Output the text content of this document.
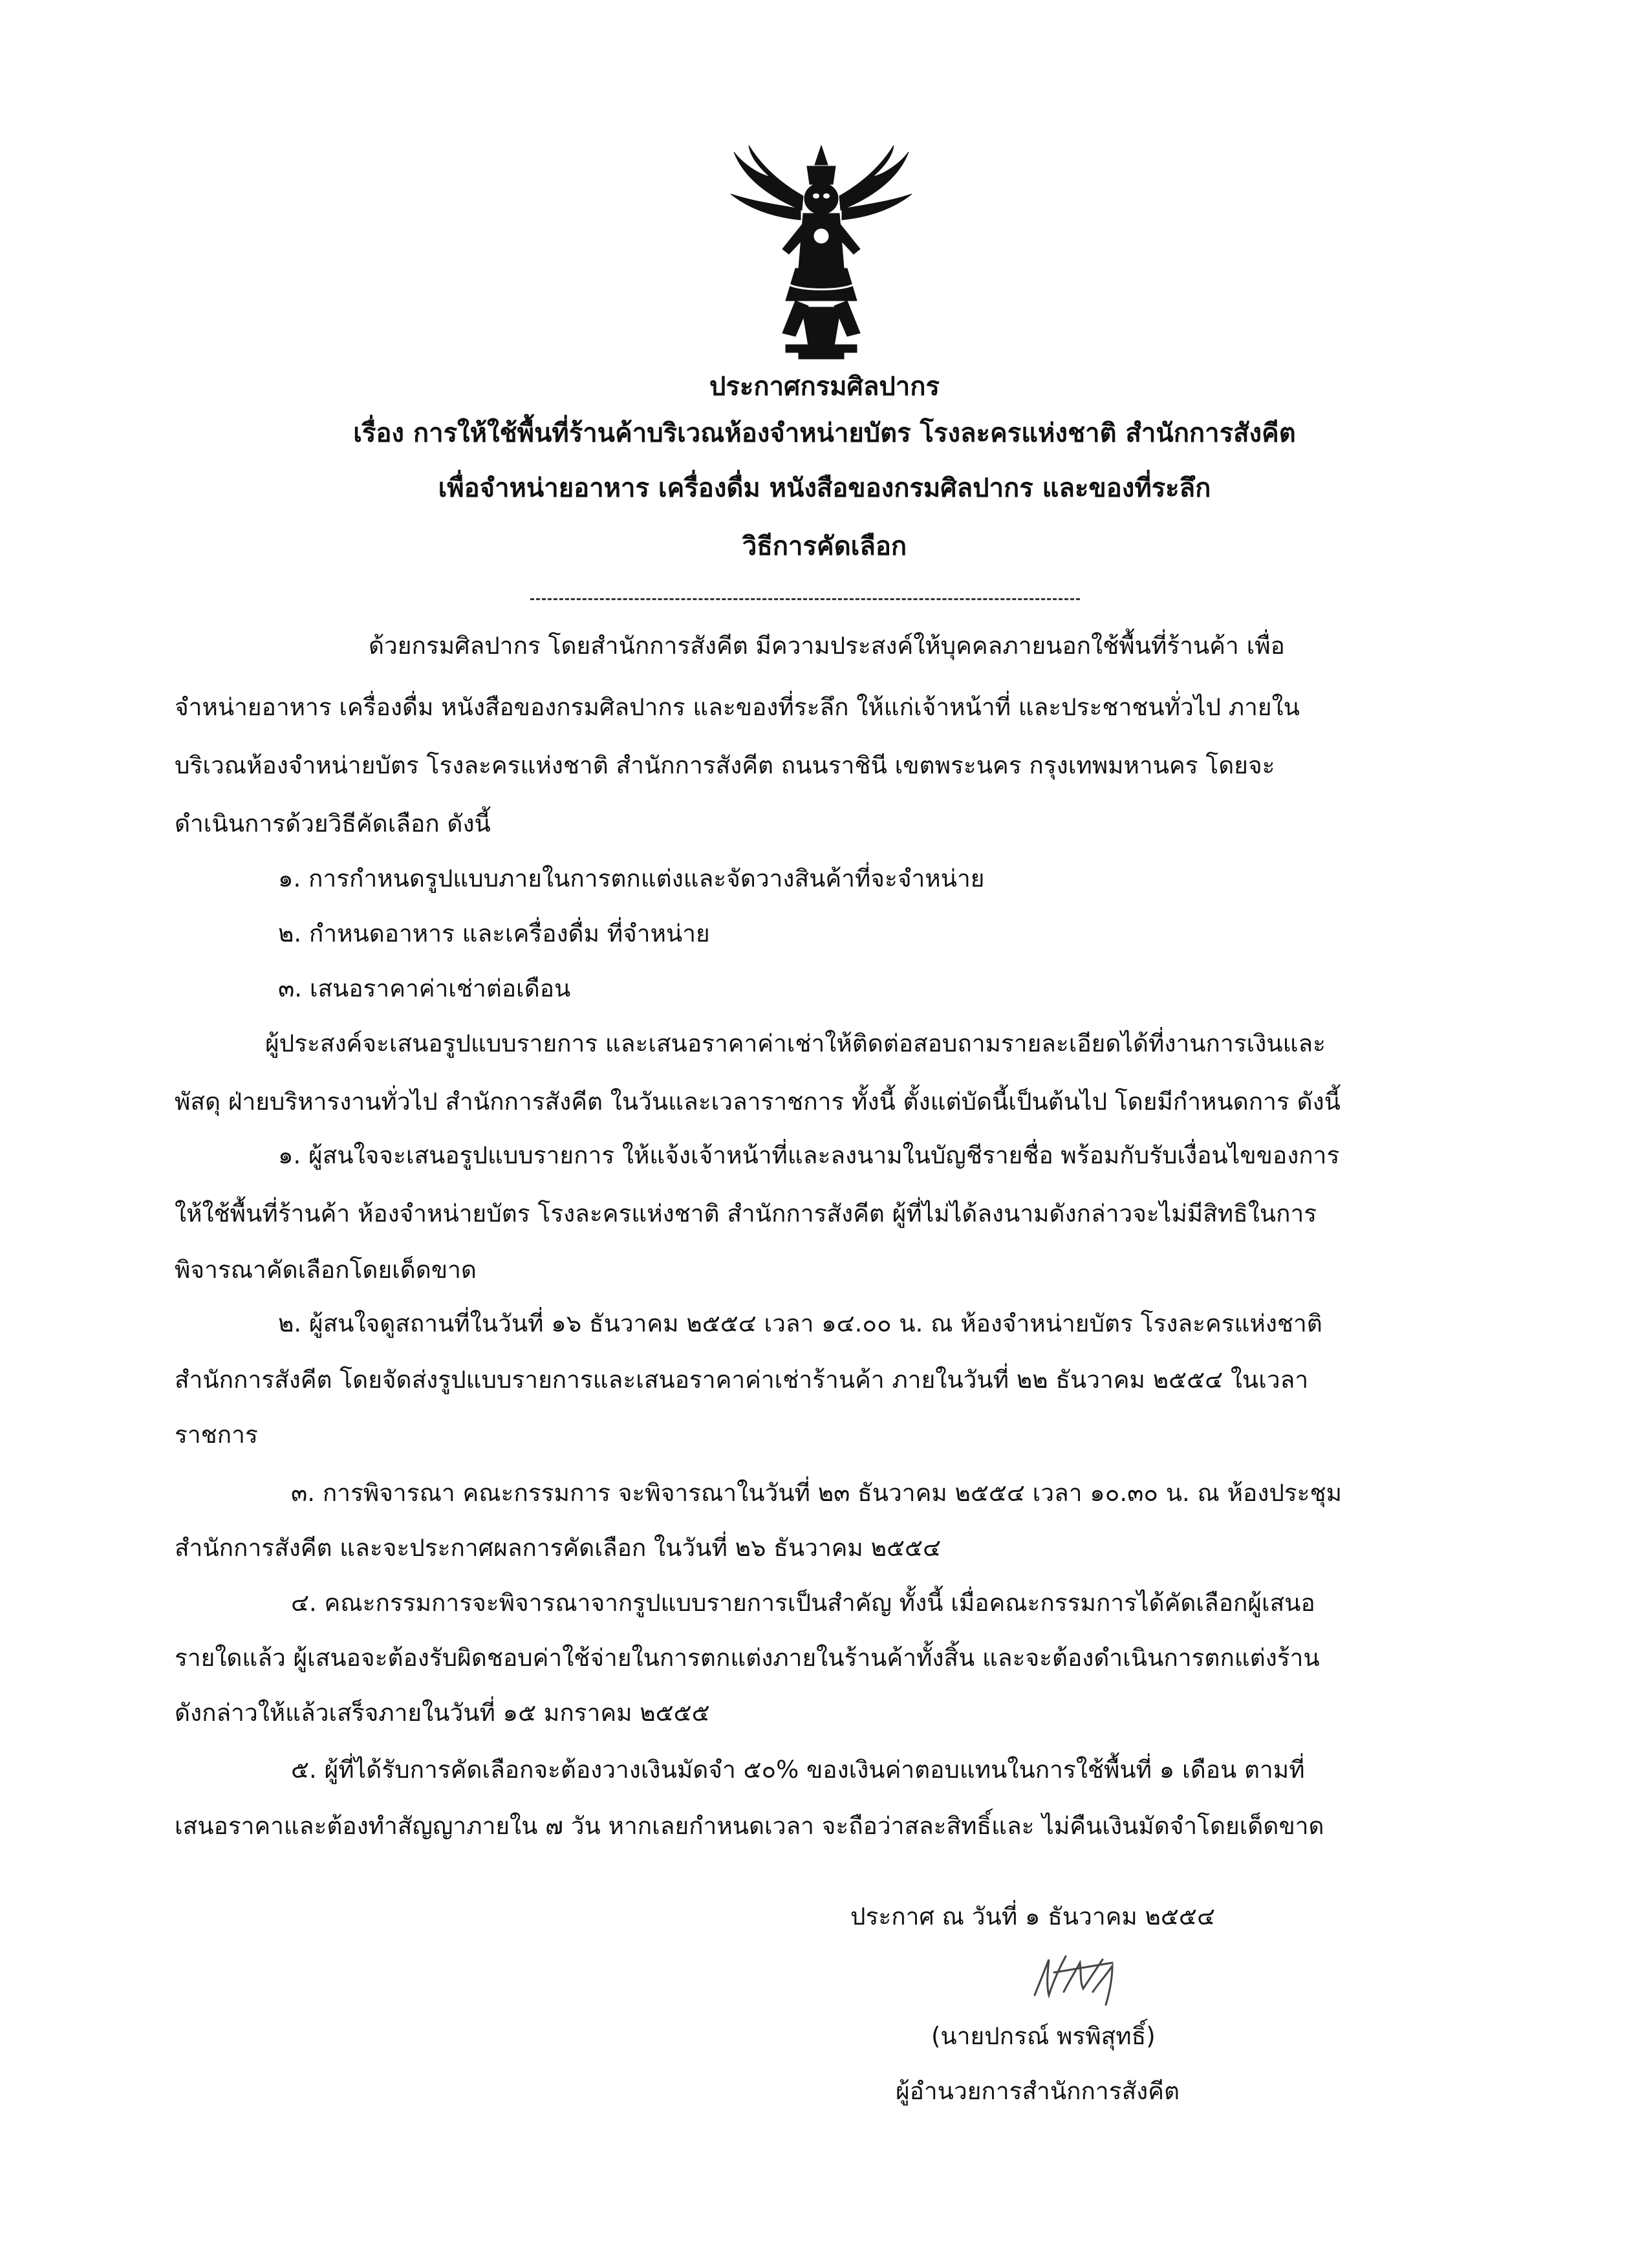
ประกาศกรมศิลปากร
เรื่อง การให้ใช้พื้นที่ร้านค้าบริเวณห้องจำหน่ายบัตร โรงละครแห่งชาติ สำนักการสังคีต
เพื่อจำหน่ายอาหาร เครื่องดื่ม หนังสือของกรมศิลปากร และของที่ระลึก
วิธีการคัดเลือก
ด้วยกรมศิลปากร โดยสำนักการสังคีต มีความประสงค์ให้บุคคลภายนอกใช้พื้นที่ร้านค้า เพื่อ
จำหน่ายอาหาร เครื่องดื่ม หนังสือของกรมศิลปากร และของที่ระลึก ให้แก่เจ้าหน้าที่ และประชาชนทั่วไป ภายใน
บริเวณห้องจำหน่ายบัตร โรงละครแห่งชาติ สำนักการสังคีต ถนนราชินี เขตพระนคร กรุงเทพมหานคร โดยจะ
ดำเนินการด้วยวิธีคัดเลือก ดังนี้
๑. การกำหนดรูปแบบภายในการตกแต่งและจัดวางสินค้าที่จะจำหน่าย
๒. กำหนดอาหาร และเครื่องดื่ม ที่จำหน่าย
๓. เสนอราคาค่าเช่าต่อเดือน
ผู้ประสงค์จะเสนอรูปแบบรายการ และเสนอราคาค่าเช่าให้ติดต่อสอบถามรายละเอียดได้ที่งานการเงินและ
พัสดุ ฝ่ายบริหารงานทั่วไป สำนักการสังคีต ในวันและเวลาราชการ ทั้งนี้ ตั้งแต่บัดนี้เป็นต้นไป โดยมีกำหนดการ ดังนี้
๑. ผู้สนใจจะเสนอรูปแบบรายการ ให้แจ้งเจ้าหน้าที่และลงนามในบัญชีรายชื่อ พร้อมกับรับเงื่อนไขของการ
ให้ใช้พื้นที่ร้านค้า ห้องจำหน่ายบัตร โรงละครแห่งชาติ สำนักการสังคีต ผู้ที่ไม่ได้ลงนามดังกล่าวจะไม่มีสิทธิในการ
พิจารณาคัดเลือกโดยเด็ดขาด
๒. ผู้สนใจดูสถานที่ในวันที่ ๑๖ ธันวาคม ๒๕๕๔ เวลา ๑๔.๐๐ น. ณ ห้องจำหน่ายบัตร โรงละครแห่งชาติ
สำนักการสังคีต โดยจัดส่งรูปแบบรายการและเสนอราคาค่าเช่าร้านค้า ภายในวันที่ ๒๒ ธันวาคม ๒๕๕๔ ในเวลา
ราชการ
๓. การพิจารณา คณะกรรมการ จะพิจารณาในวันที่ ๒๓ ธันวาคม ๒๕๕๔ เวลา ๑๐.๓๐ น. ณ ห้องประชุม
สำนักการสังคีต และจะประกาศผลการคัดเลือก ในวันที่ ๒๖ ธันวาคม ๒๕๕๔
๔. คณะกรรมการจะพิจารณาจากรูปแบบรายการเป็นสำคัญ ทั้งนี้ เมื่อคณะกรรมการได้คัดเลือกผู้เสนอ
รายใดแล้ว ผู้เสนอจะต้องรับผิดชอบค่าใช้จ่ายในการตกแต่งภายในร้านค้าทั้งสิ้น และจะต้องดำเนินการตกแต่งร้าน
ดังกล่าวให้แล้วเสร็จภายในวันที่ ๑๕ มกราคม ๒๕๕๕
๕. ผู้ที่ได้รับการคัดเลือกจะต้องวางเงินมัดจำ ๕๐% ของเงินค่าตอบแทนในการใช้พื้นที่ ๑ เดือน ตามที่
เสนอราคาและต้องทำสัญญาภายใน ๗ วัน หากเลยกำหนดเวลา จะถือว่าสละสิทธิ์และ ไม่คืนเงินมัดจำโดยเด็ดขาด
ประกาศ ณ วันที่ ๑ ธันวาคม ๒๕๕๔
(นายปกรณ์ พรพิสุทธิ์)
ผู้อำนวยการสำนักการสังคีต
